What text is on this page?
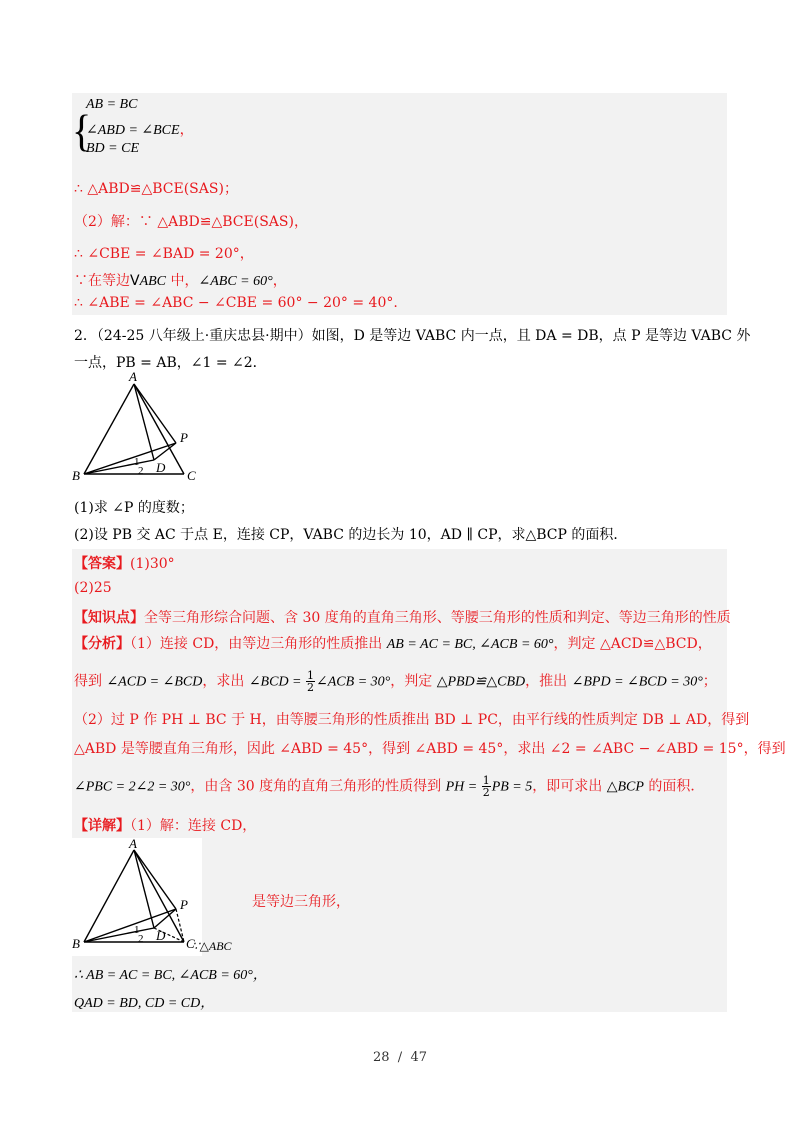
{
AB = BC
∠ABD = ∠BCE，
BD = CE
∴ △ABD≌△BCE(SAS)；
（2）解：∵ △ABD≌△BCE(SAS)，
∴ ∠CBE = ∠BAD = 20°，
∵在等边VABC 中，∠ABC = 60°，
∴ ∠ABE = ∠ABC − ∠CBE = 60° − 20° = 40°.
2．（24-25 八年级上·重庆忠县·期中）如图，D 是等边 VABC 内一点，且 DA = DB，点 P 是等边 VABC 外
一点，PB = AB，∠1 = ∠2．
A
B	C
D
P
1
2
(1)求 ∠P 的度数；
(2)设 PB 交 AC 于点 E，连接 CP，VABC 的边长为 10，AD ∥ CP，求△BCP 的面积．
【答案】(1)30°
(2)25
【知识点】全等三角形综合问题、含 30 度角的直角三角形、等腰三角形的性质和判定、等边三角形的性质
【分析】（1）连接 CD，由等边三角形的性质推出 AB = AC = BC, ∠ACB = 60°，判定 △ACD≌△BCD，
得到 ∠ACD = ∠BCD，求出 ∠BCD = $\frac{1}{2}$ ∠ACB = 30°，判定 △PBD≌△CBD，推出 ∠BPD = ∠BCD = 30°；
（2）过 P 作 PH ⊥ BC 于 H，由等腰三角形的性质推出 BD ⊥ PC，由平行线的性质判定 DB ⊥ AD，得到
△ABD 是等腰直角三角形，因此 ∠ABD = 45°，得到 ∠ABD = 45°，求出 ∠2 = ∠ABC − ∠ABD = 15°，得到
∠PBC = 2∠2 = 30°，由含 30 度角的直角三角形的性质得到 PH = $\frac{1}{2}$ PB = 5，即可求出 △BCP 的面积．
【详解】（1）解：连接 CD，
A
B	C
D
P
1
2	∵△ABC
是等边三角形，
∴ AB = AC = BC, ∠ACB = 60°，
QAD = BD, CD = CD，
28  /  47
